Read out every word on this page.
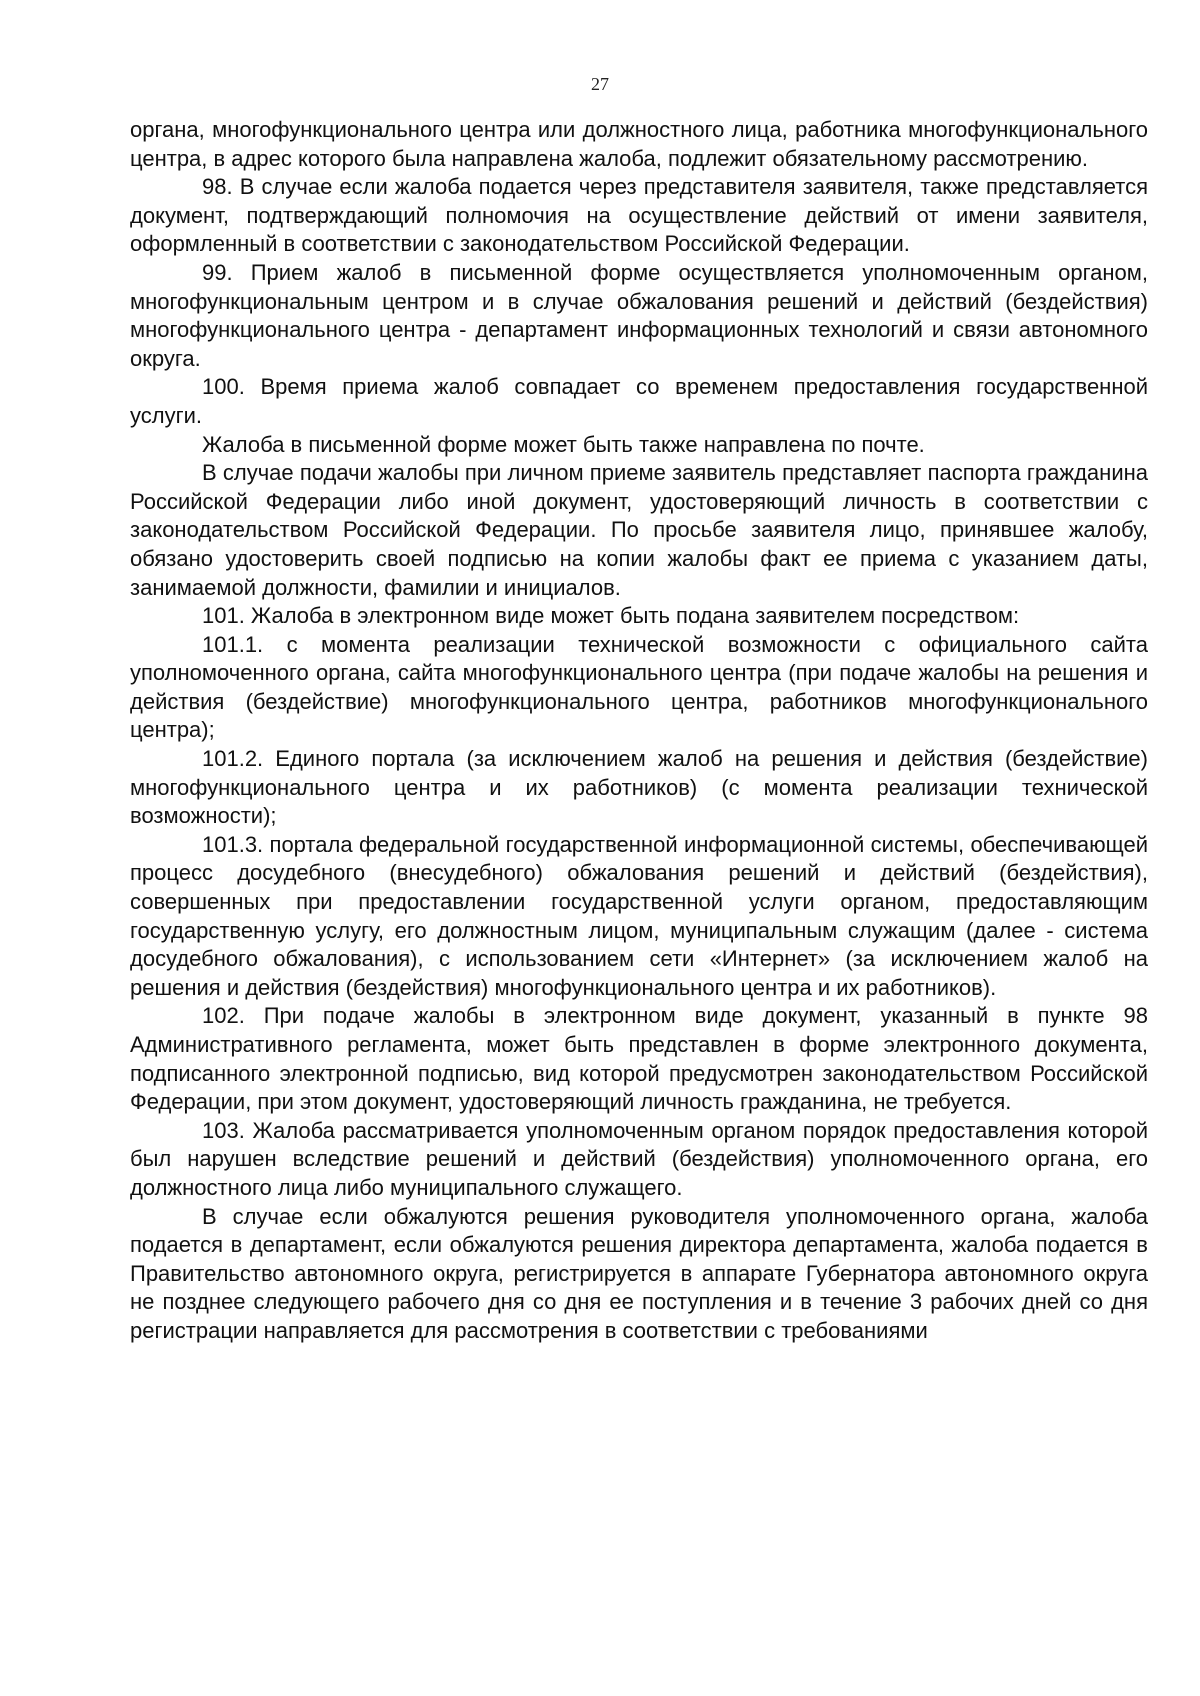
27

органа, многофункционального центра или должностного лица, работника многофункционального центра, в адрес которого была направлена жалоба, подлежит обязательному рассмотрению.

98. В случае если жалоба подается через представителя заявителя, также представляется документ, подтверждающий полномочия на осуществление действий от имени заявителя, оформленный в соответствии с законодательством Российской Федерации.

99. Прием жалоб в письменной форме осуществляется уполномоченным органом, многофункциональным центром и в случае обжалования решений и действий (бездействия) многофункционального центра - департамент информационных технологий и связи автономного округа.

100. Время приема жалоб совпадает со временем предоставления государственной услуги.

Жалоба в письменной форме может быть также направлена по почте.

В случае подачи жалобы при личном приеме заявитель представляет паспорта гражданина Российской Федерации либо иной документ, удостоверяющий личность в соответствии с законодательством Российской Федерации. По просьбе заявителя лицо, принявшее жалобу, обязано удостоверить своей подписью на копии жалобы факт ее приема с указанием даты, занимаемой должности, фамилии и инициалов.

101. Жалоба в электронном виде может быть подана заявителем посредством:

101.1. с момента реализации технической возможности с официального сайта уполномоченного органа, сайта многофункционального центра (при подаче жалобы на решения и действия (бездействие) многофункционального центра, работников многофункционального центра);

101.2. Единого портала (за исключением жалоб на решения и действия (бездействие) многофункционального центра и их работников) (с момента реализации технической возможности);

101.3. портала федеральной государственной информационной системы, обеспечивающей процесс досудебного (внесудебного) обжалования решений и действий (бездействия), совершенных при предоставлении государственной услуги органом, предоставляющим государственную услугу, его должностным лицом, муниципальным служащим (далее - система досудебного обжалования), с использованием сети «Интернет» (за исключением жалоб на решения и действия (бездействия) многофункционального центра и их работников).

102. При подаче жалобы в электронном виде документ, указанный в пункте 98 Административного регламента, может быть представлен в форме электронного документа, подписанного электронной подписью, вид которой предусмотрен законодательством Российской Федерации, при этом документ, удостоверяющий личность гражданина, не требуется.

103. Жалоба рассматривается уполномоченным органом порядок предоставления которой был нарушен вследствие решений и действий (бездействия) уполномоченного органа, его должностного лица либо муниципального служащего.

В случае если обжалуются решения руководителя уполномоченного органа, жалоба подается в департамент, если обжалуются решения директора департамента, жалоба подается в Правительство автономного округа, регистрируется в аппарате Губернатора автономного округа не позднее следующего рабочего дня со дня ее поступления и в течение 3 рабочих дней со дня регистрации направляется для рассмотрения в соответствии с требованиями
